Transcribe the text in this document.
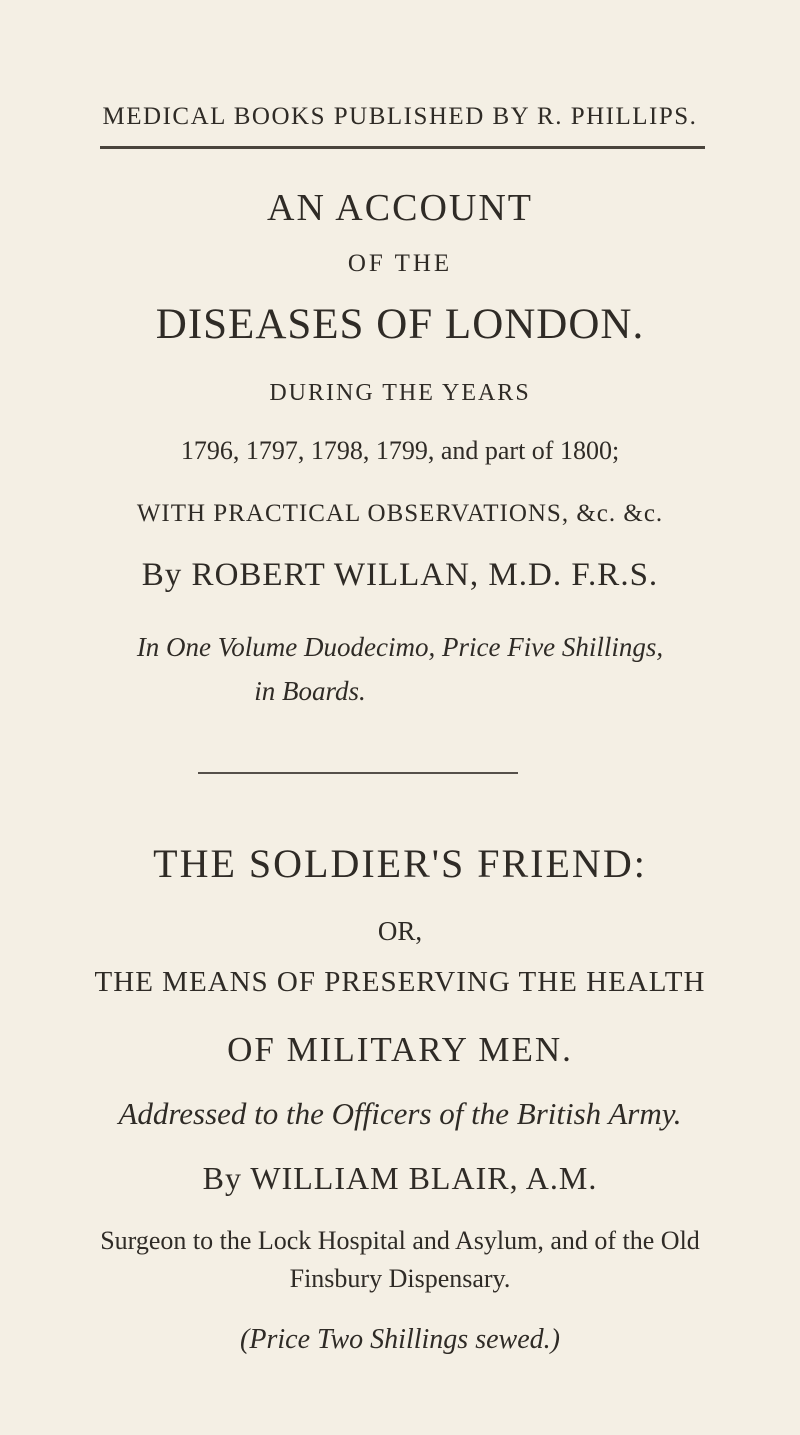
MEDICAL BOOKS PUBLISHED BY R. PHILLIPS.
AN ACCOUNT
OF THE
DISEASES OF LONDON.
DURING THE YEARS
1796, 1797, 1798, 1799, and part of 1800;
WITH PRACTICAL OBSERVATIONS, &c. &c.
By ROBERT WILLAN, M.D. F.R.S.
In One Volume Duodecimo, Price Five Shillings,
in Boards.
THE SOLDIER'S FRIEND:
OR,
THE MEANS OF PRESERVING THE HEALTH
OF MILITARY MEN.
Addressed to the Officers of the British Army.
By WILLIAM BLAIR, A.M.
Surgeon to the Lock Hospital and Asylum, and of the Old
Finsbury Dispensary.
(Price Two Shillings sewed.)
